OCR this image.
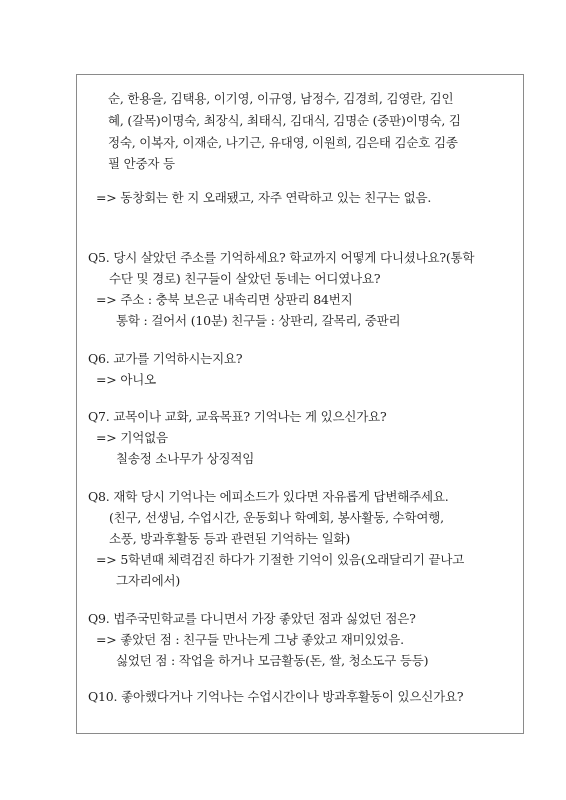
순, 한용을, 김택용, 이기영, 이규영, 남정수, 김경희, 김영란, 김인
혜, (갈목)이명숙, 최장식, 최태식, 김대식, 김명순 (중판)이명숙, 김
정숙, 이복자, 이재순, 나기근, 유대영, 이원희, 김은태 김순호 김종
필 안중자 등
=> 동창회는 한 지 오래됐고, 자주 연락하고 있는 친구는 없음.
Q5. 당시 살았던 주소를 기억하세요? 학교까지 어떻게 다니셨나요?(통학
수단 및 경로) 친구들이 살았던 동네는 어디였나요?
=> 주소 : 충북 보은군 내속리면 상판리 84번지
통학 : 걸어서 (10분) 친구들 : 상판리, 갈목리, 중판리
Q6. 교가를 기억하시는지요?
=> 아니오
Q7. 교목이나 교화, 교육목표? 기억나는 게 있으신가요?
=> 기억없음
칠송정 소나무가 상징적임
Q8. 재학 당시 기억나는 에피소드가 있다면 자유롭게 답변해주세요.
(친구, 선생님, 수업시간, 운동회나 학예회, 봉사활동, 수학여행,
소풍, 방과후활동 등과 관련된 기억하는 일화)
=> 5학년때 체력검진 하다가 기절한 기억이 있음(오래달리기 끝나고
그자리에서)
Q9. 법주국민학교를 다니면서 가장 좋았던 점과 싫었던 점은?
=> 좋았던 점 : 친구들 만나는게 그냥 좋았고 재미있었음.
싫었던 점 : 작업을 하거나 모금활동(돈, 쌀, 청소도구 등등)
Q10. 좋아했다거나 기억나는 수업시간이나 방과후활동이 있으신가요?
